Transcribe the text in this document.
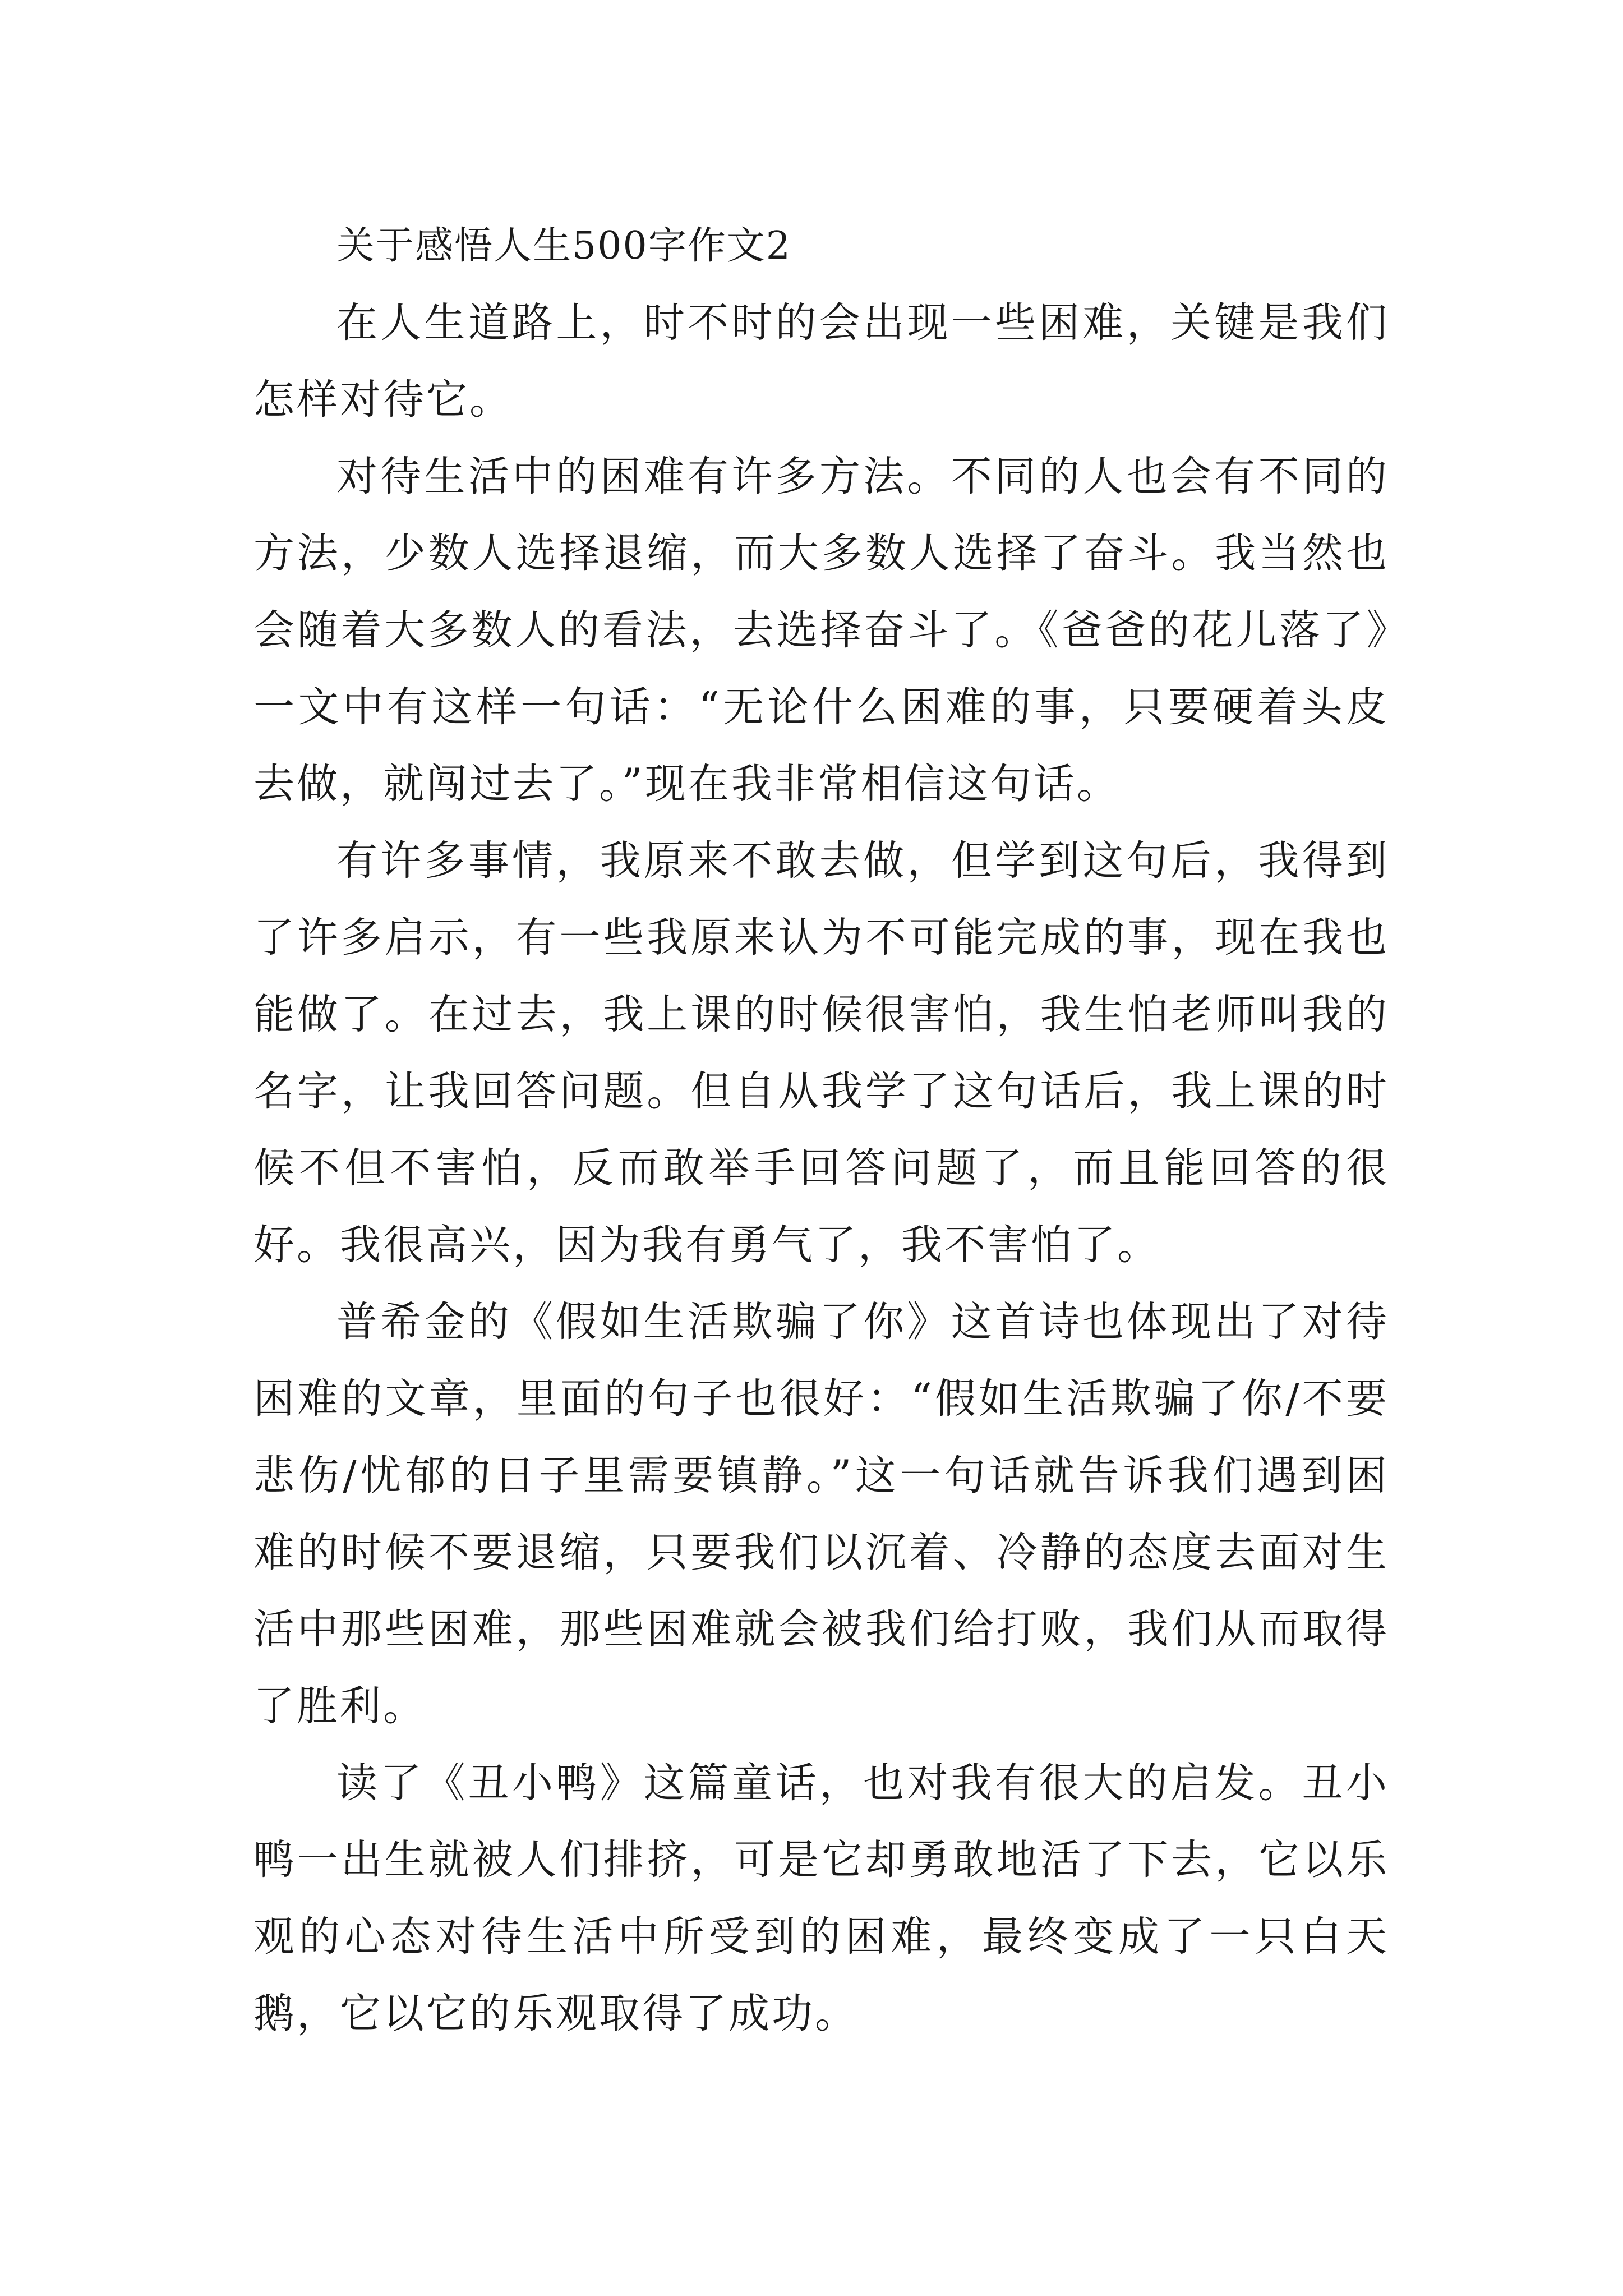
关于感悟人生500字作文2

在人生道路上，时不时的会出现一些困难，关键是我们怎样对待它。

对待生活中的困难有许多方法。不同的人也会有不同的方法，少数人选择退缩，而大多数人选择了奋斗。我当然也会随着大多数人的看法，去选择奋斗了。《爸爸的花儿落了》一文中有这样一句话：“无论什么困难的事，只要硬着头皮去做，就闯过去了。”现在我非常相信这句话。

有许多事情，我原来不敢去做，但学到这句后，我得到了许多启示，有一些我原来认为不可能完成的事，现在我也能做了。在过去，我上课的时候很害怕，我生怕老师叫我的名字，让我回答问题。但自从我学了这句话后，我上课的时候不但不害怕，反而敢举手回答问题了，而且能回答的很好。我很高兴，因为我有勇气了，我不害怕了。

普希金的《假如生活欺骗了你》这首诗也体现出了对待困难的文章，里面的句子也很好：“假如生活欺骗了你/不要悲伤/忧郁的日子里需要镇静。”这一句话就告诉我们遇到困难的时候不要退缩，只要我们以沉着、冷静的态度去面对生活中那些困难，那些困难就会被我们给打败，我们从而取得了胜利。

读了《丑小鸭》这篇童话，也对我有很大的启发。丑小鸭一出生就被人们排挤，可是它却勇敢地活了下去，它以乐观的心态对待生活中所受到的困难，最终变成了一只白天鹅，它以它的乐观取得了成功。
